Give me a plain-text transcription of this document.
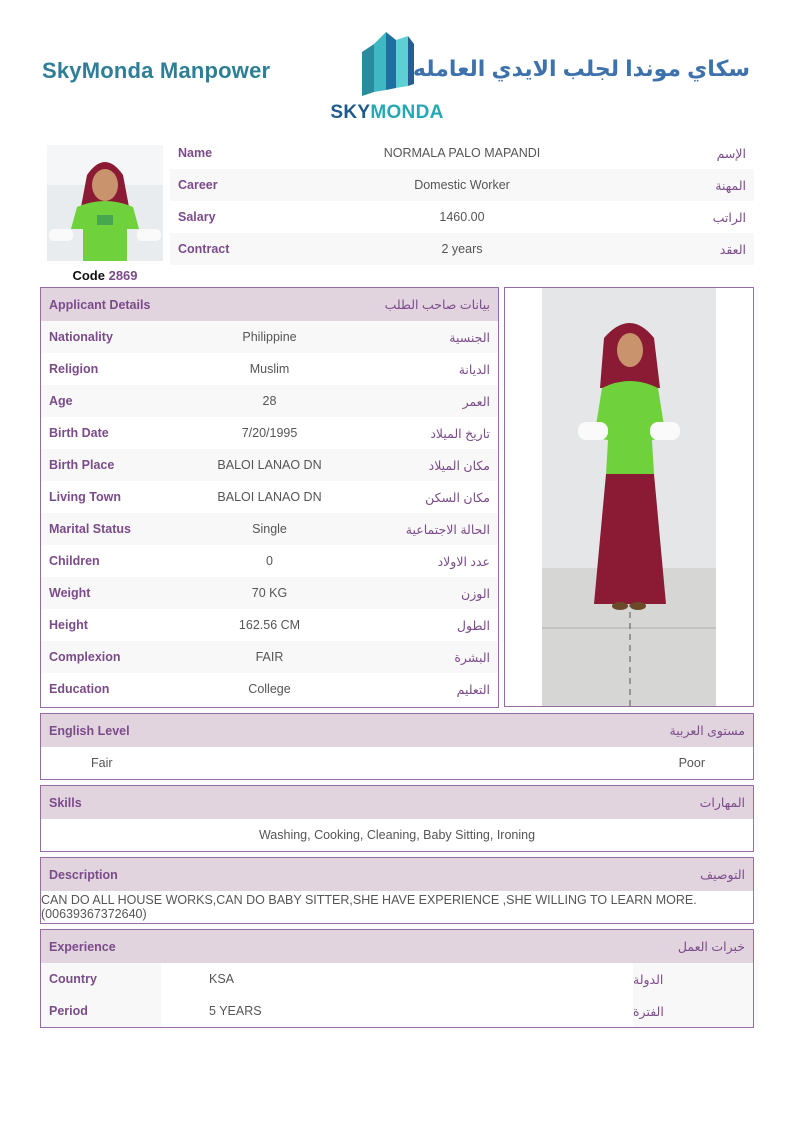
SkyMonda Manpower
SKYMONDA
سكاي موندا لجلب الايدي العامله
Code 2869
Name	NORMALA PALO MAPANDI	الإسم
Career	Domestic Worker	المهنة
Salary	1460.00	الراتب
Contract	2 years	العقد
Applicant Details	بيانات صاحب الطلب
Nationality	Philippine	الجنسية
Religion	Muslim	الديانة
Age	28	العمر
Birth Date	7/20/1995	تاريخ الميلاد
Birth Place	BALOI LANAO DN	مكان الميلاد
Living Town	BALOI LANAO DN	مكان السكن
Marital Status	Single	الحالة الاجتماعية
Children	0	عدد الاولاد
Weight	70 KG	الوزن
Height	162.56 CM	الطول
Complexion	FAIR	البشرة
Education	College	التعليم
English Level	مستوى العربية
Fair	Poor
Skills	المهارات
Washing, Cooking, Cleaning, Baby Sitting, Ironing
Description	التوصيف
CAN DO ALL HOUSE WORKS,CAN DO BABY SITTER,SHE HAVE EXPERIENCE ,SHE WILLING TO LEARN MORE.(00639367372640)
Experience	خبرات العمل
Country	KSA	الدولة
Period	5 YEARS	الفترة
